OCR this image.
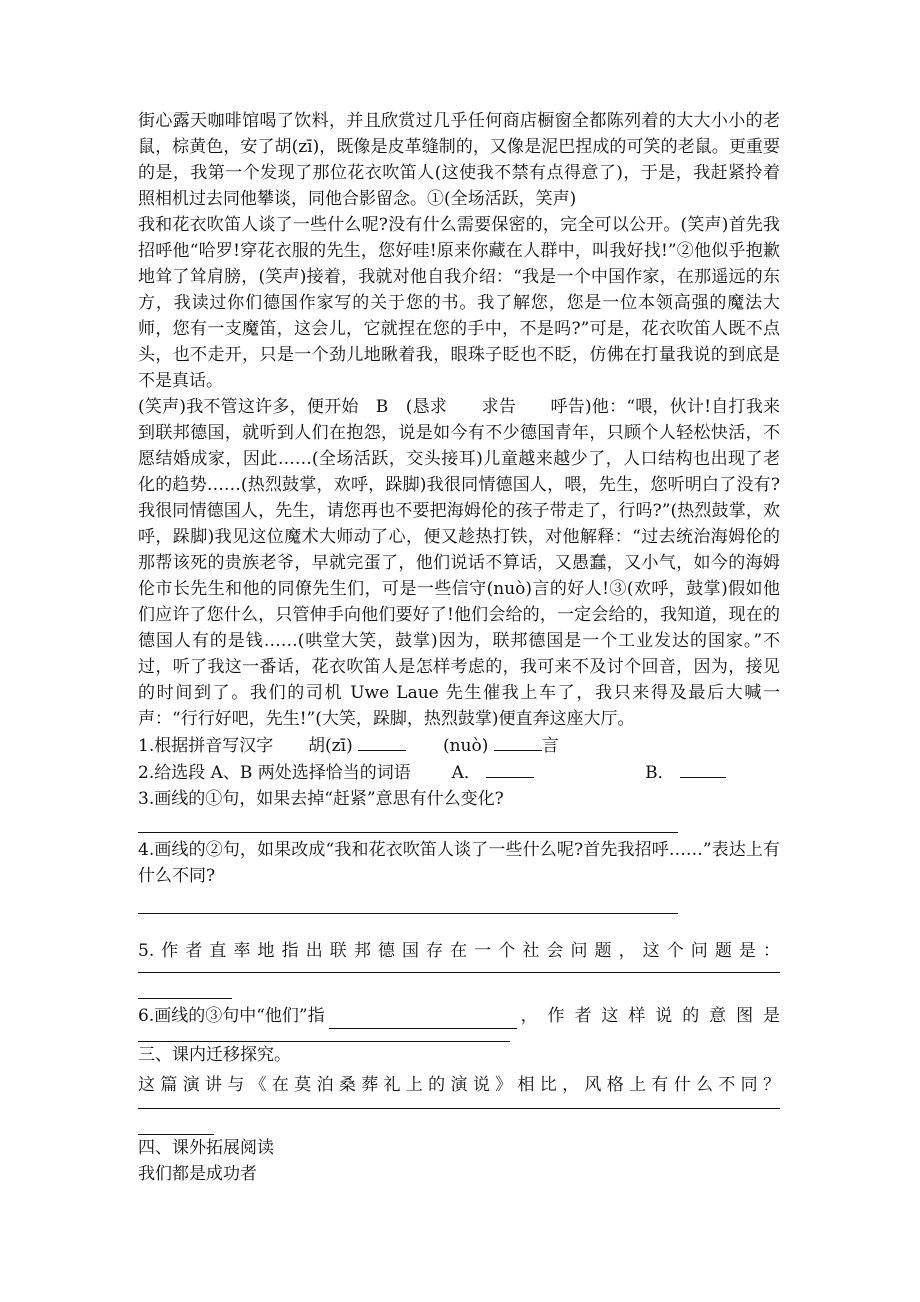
街心露天咖啡馆喝了饮料，并且欣赏过几乎任何商店橱窗全都陈列着的大大小小的老鼠，棕黄色，安了胡(zī)，既像是皮革缝制的，又像是泥巴捏成的可笑的老鼠。更重要的是，我第一个发现了那位花衣吹笛人(这使我不禁有点得意了)，于是，我赶紧拎着照相机过去同他攀谈，同他合影留念。①(全场活跃，笑声)

我和花衣吹笛人谈了一些什么呢?没有什么需要保密的，完全可以公开。(笑声)首先我招呼他“哈罗!穿花衣服的先生，您好哇!原来你藏在人群中，叫我好找!”②他似乎抱歉地耸了耸肩膀，(笑声)接着，我就对他自我介绍：“我是一个中国作家，在那遥远的东方，我读过你们德国作家写的关于您的书。我了解您，您是一位本领高强的魔法大师，您有一支魔笛，这会儿，它就捏在您的手中，不是吗?”可是，花衣吹笛人既不点头，也不走开，只是一个劲儿地瞅着我，眼珠子眨也不眨，仿佛在打量我说的到底是不是真话。

(笑声)我不管这许多，便开始　B　(恳求　　求告　　呼告)他：“喂，伙计!自打我来到联邦德国，就听到人们在抱怨，说是如今有不少德国青年，只顾个人轻松快活，不愿结婚成家，因此……(全场活跃，交头接耳)儿童越来越少了，人口结构也出现了老化的趋势……(热烈鼓掌，欢呼，跺脚)我很同情德国人，喂，先生，您听明白了没有?我很同情德国人，先生，请您再也不要把海姆伦的孩子带走了，行吗?”(热烈鼓掌，欢呼，跺脚)我见这位魔术大师动了心，便又趁热打铁，对他解释：“过去统治海姆伦的那帮该死的贵族老爷，早就完蛋了，他们说话不算话，又愚蠢，又小气，如今的海姆伦市长先生和他的同僚先生们，可是一些信守(nuò)言的好人!③(欢呼，鼓掌)假如他们应许了您什么，只管伸手向他们要好了!他们会给的，一定会给的，我知道，现在的德国人有的是钱……(哄堂大笑，鼓掌)因为，联邦德国是一个工业发达的国家。”不过，听了我这一番话，花衣吹笛人是怎样考虑的，我可来不及讨个回音，因为，接见的时间到了。我们的司机 Uwe Laue 先生催我上车了，我只来得及最后大喊一声：“行行好吧，先生!”(大笑，跺脚，热烈鼓掌)便直奔这座大厅。

1.根据拼音写汉字 胡(zī)	(nuò)	言
2.给选段 A、B 两处选择恰当的词语 A．	B．

3.画线的①句，如果去掉“赶紧”意思有什么变化?

4.画线的②句，如果改成“我和花衣吹笛人谈了一些什么呢?首先我招呼……”表达上有什么不同?

5.作者直率地指出联邦德国存在一个社会问题，这个问题是：
6.画线的③句中“他们”指	，作者这样说的意图是

三、课内迁移探究。

这篇演讲与《在莫泊桑葬礼上的演说》相比，风格上有什么不同？

四、课外拓展阅读

我们都是成功者
